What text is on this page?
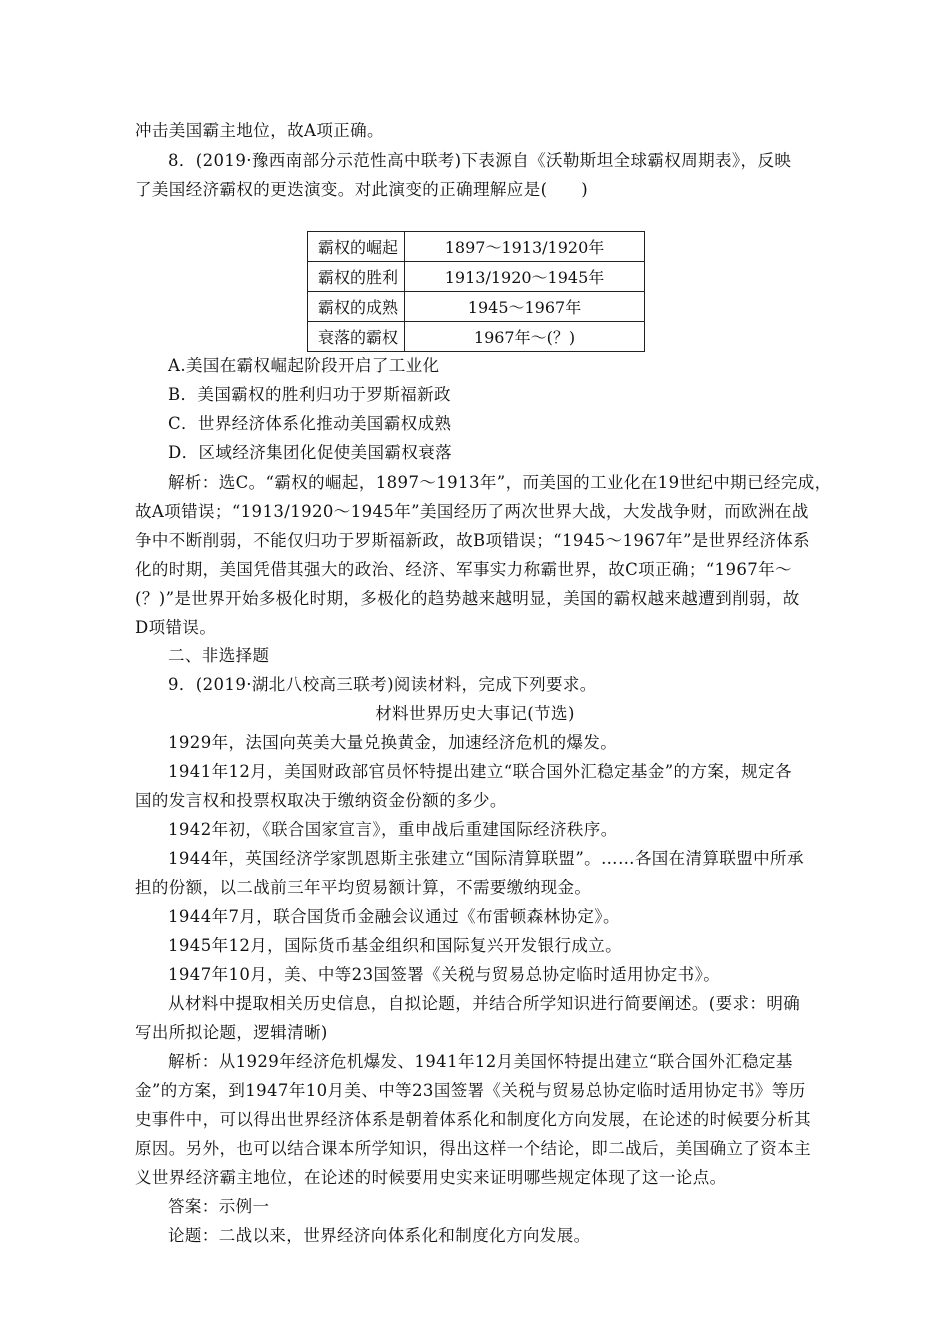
冲击美国霸主地位，故A项正确。
8．(2019·豫西南部分示范性高中联考)下表源自《沃勒斯坦全球霸权周期表》，反映
了美国经济霸权的更迭演变。对此演变的正确理解应是(　　)
霸权的崛起	1897～1913/1920年
霸权的胜利	1913/1920～1945年
霸权的成熟	1945～1967年
衰落的霸权	1967年～(？)
A.美国在霸权崛起阶段开启了工业化
B．美国霸权的胜利归功于罗斯福新政
C．世界经济体系化推动美国霸权成熟
D．区域经济集团化促使美国霸权衰落
解析：选C。“霸权的崛起，1897～1913年”，而美国的工业化在19世纪中期已经完成，
故A项错误；“1913/1920～1945年”美国经历了两次世界大战，大发战争财，而欧洲在战
争中不断削弱，不能仅归功于罗斯福新政，故B项错误；“1945～1967年”是世界经济体系
化的时期，美国凭借其强大的政治、经济、军事实力称霸世界，故C项正确；“1967年～
(？)”是世界开始多极化时期，多极化的趋势越来越明显，美国的霸权越来越遭到削弱，故
D项错误。
二、非选择题
9．(2019·湖北八校高三联考)阅读材料，完成下列要求。
材料世界历史大事记(节选)
1929年，法国向英美大量兑换黄金，加速经济危机的爆发。
1941年12月，美国财政部官员怀特提出建立“联合国外汇稳定基金”的方案，规定各
国的发言权和投票权取决于缴纳资金份额的多少。
1942年初，《联合国家宣言》，重申战后重建国际经济秩序。
1944年，英国经济学家凯恩斯主张建立“国际清算联盟”。……各国在清算联盟中所承
担的份额，以二战前三年平均贸易额计算，不需要缴纳现金。
1944年7月，联合国货币金融会议通过《布雷顿森林协定》。
1945年12月，国际货币基金组织和国际复兴开发银行成立。
1947年10月，美、中等23国签署《关税与贸易总协定临时适用协定书》。
从材料中提取相关历史信息，自拟论题，并结合所学知识进行简要阐述。(要求：明确
写出所拟论题，逻辑清晰)
解析：从1929年经济危机爆发、1941年12月美国怀特提出建立“联合国外汇稳定基
金”的方案，到1947年10月美、中等23国签署《关税与贸易总协定临时适用协定书》等历
史事件中，可以得出世界经济体系是朝着体系化和制度化方向发展，在论述的时候要分析其
原因。另外，也可以结合课本所学知识，得出这样一个结论，即二战后，美国确立了资本主
义世界经济霸主地位，在论述的时候要用史实来证明哪些规定体现了这一论点。
答案：示例一
论题：二战以来，世界经济向体系化和制度化方向发展。
